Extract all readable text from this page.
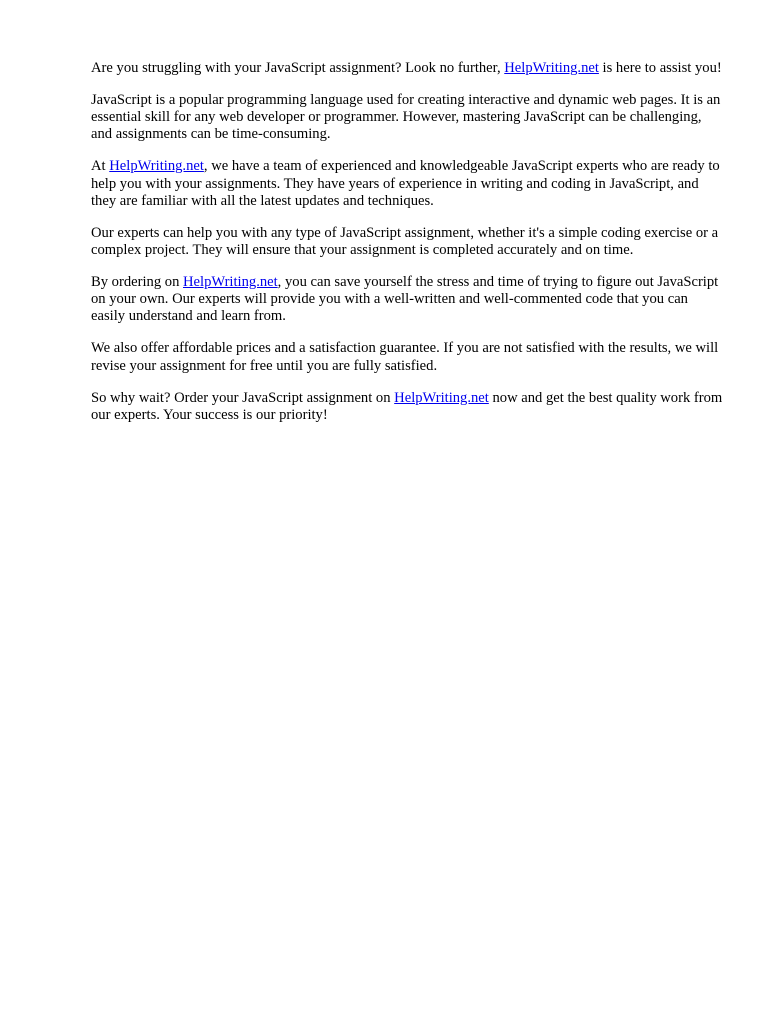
Are you struggling with your JavaScript assignment? Look no further, HelpWriting.net is here to assist you!

JavaScript is a popular programming language used for creating interactive and dynamic web pages. It is an essential skill for any web developer or programmer. However, mastering JavaScript can be challenging, and assignments can be time-consuming.

At HelpWriting.net, we have a team of experienced and knowledgeable JavaScript experts who are ready to help you with your assignments. They have years of experience in writing and coding in JavaScript, and they are familiar with all the latest updates and techniques.

Our experts can help you with any type of JavaScript assignment, whether it's a simple coding exercise or a complex project. They will ensure that your assignment is completed accurately and on time.

By ordering on HelpWriting.net, you can save yourself the stress and time of trying to figure out JavaScript on your own. Our experts will provide you with a well-written and well-commented code that you can easily understand and learn from.

We also offer affordable prices and a satisfaction guarantee. If you are not satisfied with the results, we will revise your assignment for free until you are fully satisfied.

So why wait? Order your JavaScript assignment on HelpWriting.net now and get the best quality work from our experts. Your success is our priority!
